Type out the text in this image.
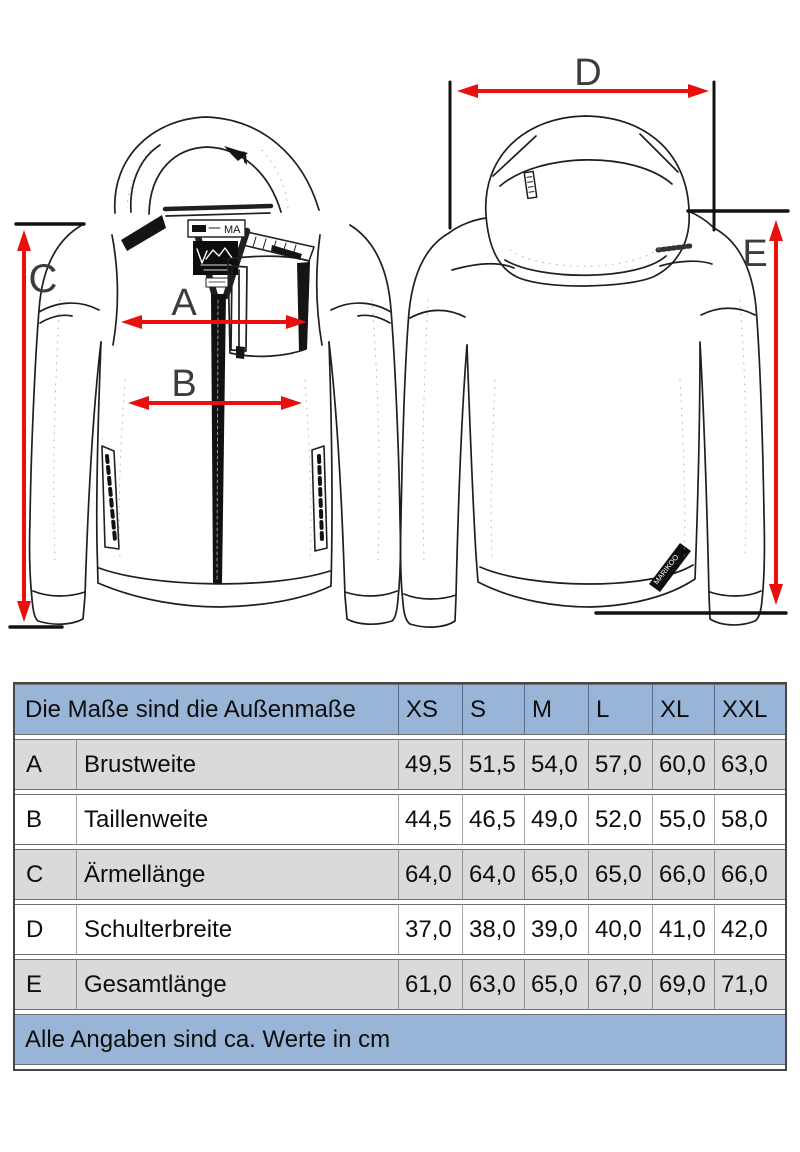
MA
C
A
B
MARIKOO
D
E
Die Maße sind die Außenmaße		XS	S	M	L	XL	XXL
A	Brustweite	49,5	51,5	54,0	57,0	60,0	63,0
B	Taillenweite	44,5	46,5	49,0	52,0	55,0	58,0
C	Ärmellänge	64,0	64,0	65,0	65,0	66,0	66,0
D	Schulterbreite	37,0	38,0	39,0	40,0	41,0	42,0
E	Gesamtlänge	61,0	63,0	65,0	67,0	69,0	71,0
Alle Angaben sind ca. Werte in cm							
